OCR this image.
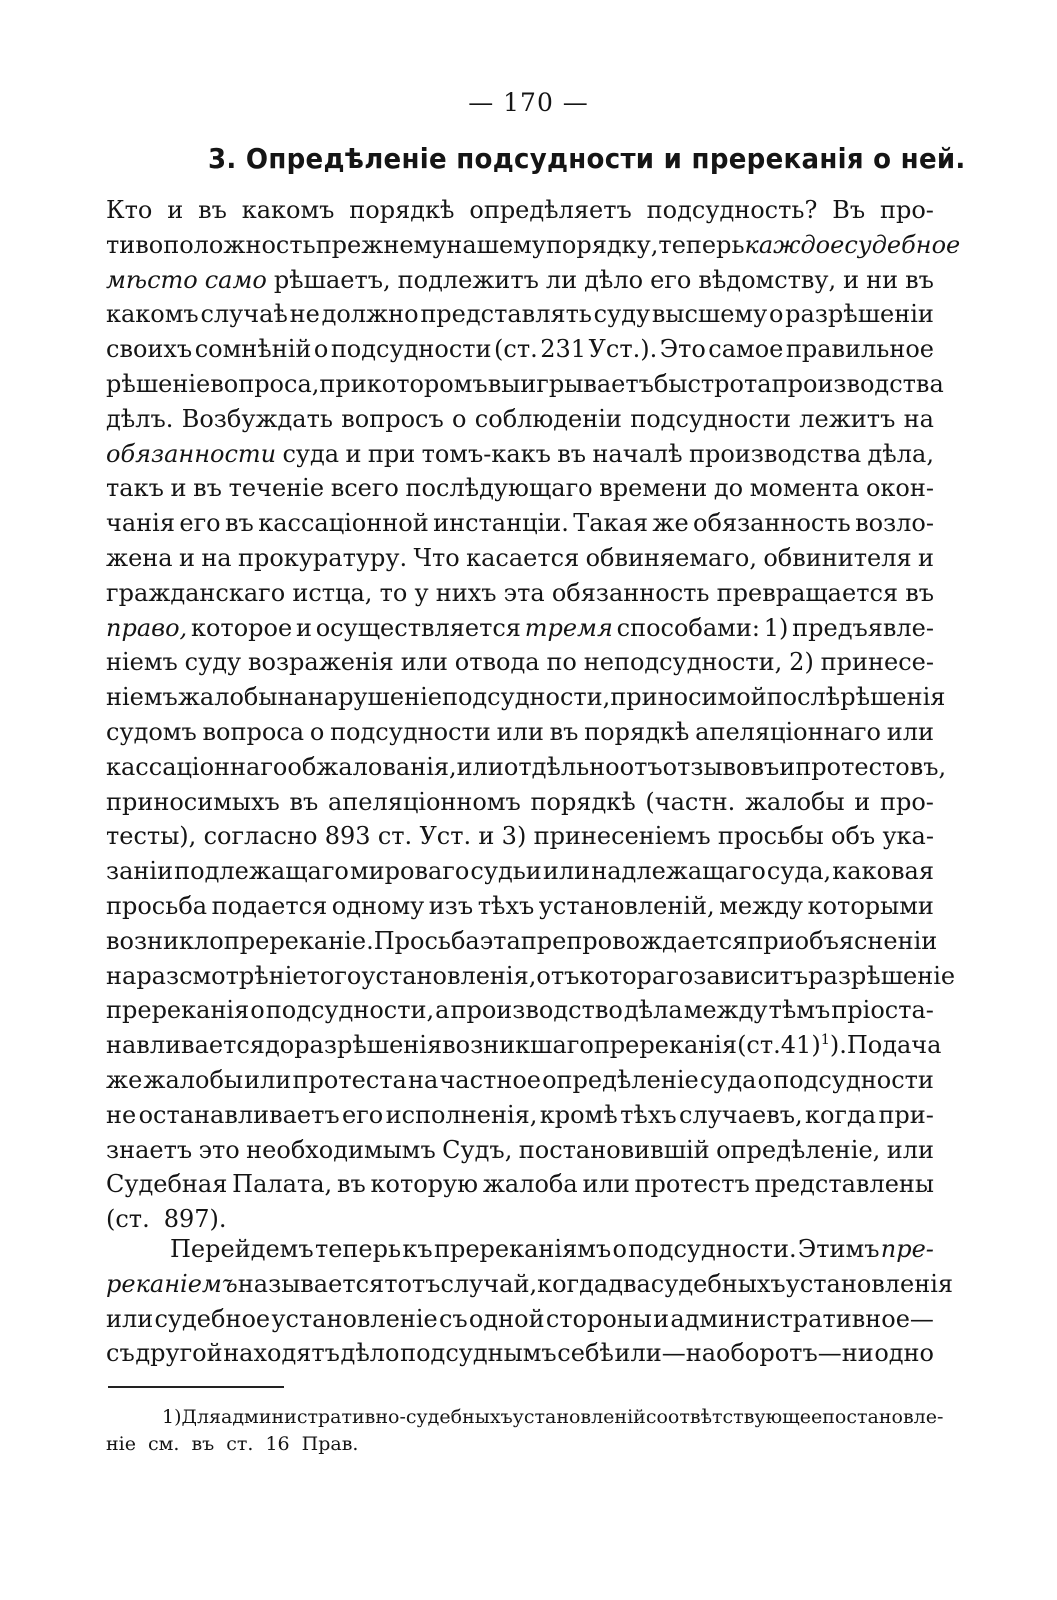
— 170 —
3. Опредѣленіе подсудности и пререканія о ней.
Кто и въ какомъ порядкѣ опредѣляетъ подсудность? Въ про-
тивоположность прежнему нашему порядку, теперь каждое судебное
мѣсто само рѣшаетъ, подлежитъ ли дѣло его вѣдомству, и ни въ
какомъ случаѣ не должно представлять суду высшему о разрѣшеніи
своихъ сомнѣній о подсудности (ст. 231 Уст.). Это самое правильное
рѣшеніе вопроса, при которомъ выигрываетъ быстрота производства
дѣлъ. Возбуждать вопросъ о соблюденіи подсудности лежитъ на
обязанности суда и при томъ-какъ въ началѣ производства дѣла,
такъ и въ теченіе всего послѣдующаго времени до момента окон-
чанія его въ кассаціонной инстанціи. Такая же обязанность возло-
жена и на прокуратуру. Что касается обвиняемаго, обвинителя и
гражданскаго истца, то у нихъ эта обязанность превращается въ
право, которое и осуществляется тремя способами: 1) предъявле-
ніемъ суду возраженія или отвода по неподсудности, 2) принесе-
ніемъ жалобы на нарушеніе подсудности, приносимой послѣ рѣшенія
судомъ вопроса о подсудности или въ порядкѣ апеляціоннаго или
кассаціоннаго обжалованія, или отдѣльно отъ отзывовъ и протестовъ,
приносимыхъ въ апеляціонномъ порядкѣ (частн. жалобы и про-
тесты), согласно 893 ст. Уст. и 3) принесеніемъ просьбы объ ука-
заніи подлежащаго мироваго судьи или надлежащаго суда, каковая
просьба подается одному изъ тѣхъ установленій, между которыми
возникло пререканіе. Просьба эта препровождается при объясненіи
на разсмотрѣніе того установленія, отъ котораго зависитъ разрѣшеніе
пререканія о подсудности, а производство дѣла между тѣмъ пріоста-
навливается до разрѣшенія возникшаго пререканія (ст. 41)$^1$). Подача
же жалобы или протеста на частное опредѣленіе суда о подсудности
не останавливаетъ его исполненія, кромѣ тѣхъ случаевъ, когда при-
знаетъ это необходимымъ Судъ, постановившій опредѣленіе, или
Судебная Палата, въ которую жалоба или протестъ представлены
(ст. 897).
Перейдемъ теперь къ пререканіямъ о подсудности. Этимъ пре-
реканіемъ называется тотъ случай, когда два судебныхъ установленія
или судебное установленіе съ одной стороны и административное—
съ другой находятъ дѣло подсуднымъ себѣ или—наоборотъ—ни одно
1) Для административно-судебныхъ установленій соотвѣтствующее постановле-
ніе см. въ ст. 16 Прав.
